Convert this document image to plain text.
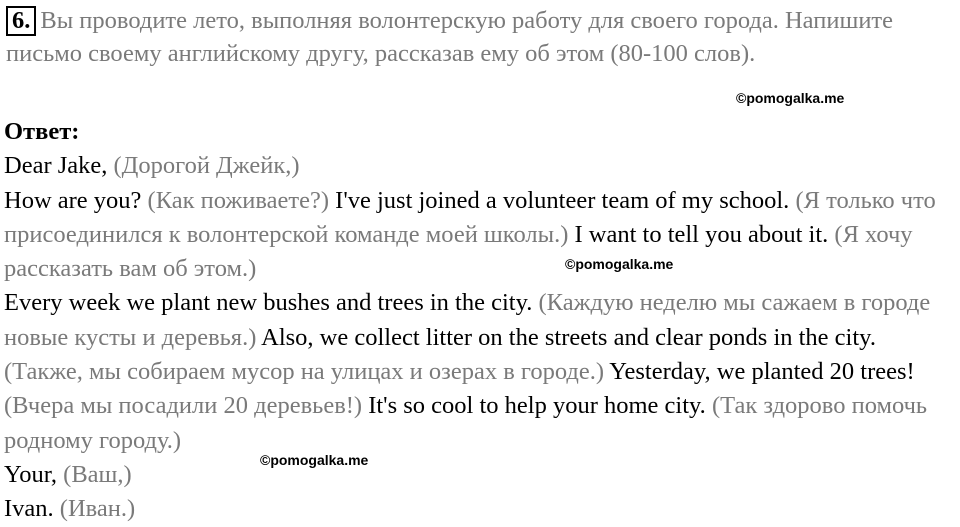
6. Вы проводите лето, выполняя волонтерскую работу для своего города. Напишите письмо своему английскому другу, рассказав ему об этом (80-100 слов).
©pomogalka.me
Ответ:
Dear Jake, (Дорогой Джейк,)
How are you? (Как поживаете?) I've just joined a volunteer team of my school. (Я только что присоединился к волонтерской команде моей школы.) I want to tell you about it. (Я хочу рассказать вам об этом.)
Every week we plant new bushes and trees in the city. (Каждую неделю мы сажаем в городе новые кусты и деревья.) Also, we collect litter on the streets and clear ponds in the city. (Также, мы собираем мусор на улицах и озерах в городе.) Yesterday, we planted 20 trees! (Вчера мы посадили 20 деревьев!) It's so cool to help your home city. (Так здорово помочь родному городу.)
Your, (Ваш,)
Ivan. (Иван.)
©pomogalka.me
©pomogalka.me
